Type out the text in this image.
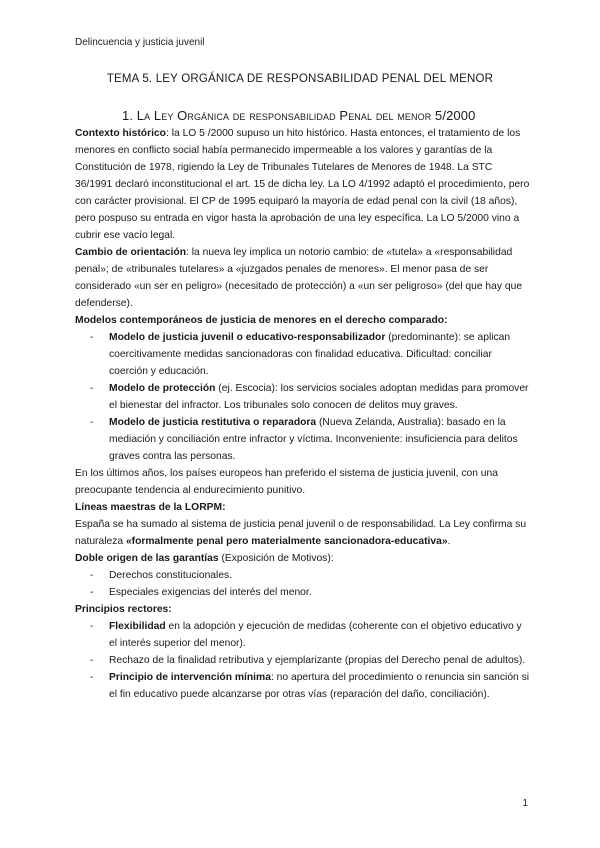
Delincuencia y justicia juvenil
TEMA 5. LEY ORGÁNICA DE RESPONSABILIDAD PENAL DEL MENOR
1. La Ley Orgánica de responsabilidad Penal del menor 5/2000

Contexto histórico: la LO 5 /2000 supuso un hito histórico. Hasta entonces, el tratamiento de los menores en conflicto social había permanecido impermeable a los valores y garantías de la Constitución de 1978, rigiendo la Ley de Tribunales Tutelares de Menores de 1948. La STC 36/1991 declaró inconstitucional el art. 15 de dicha ley. La LO 4/1992 adaptó el procedimiento, pero con carácter provisional. El CP de 1995 equiparó la mayoría de edad penal con la civil (18 años), pero pospuso su entrada en vigor hasta la aprobación de una ley específica. La LO 5/2000 vino a cubrir ese vacío legal.

Cambio de orientación: la nueva ley implica un notorio cambio: de «tutela» a «responsabilidad penal»; de «tribunales tutelares» a «juzgados penales de menores». El menor pasa de ser considerado «un ser en peligro» (necesitado de protección) a «un ser peligroso» (del que hay que defenderse).

Modelos contemporáneos de justicia de menores en el derecho comparado:

- Modelo de justicia juvenil o educativo-responsabilizador (predominante): se aplican coercitivamente medidas sancionadoras con finalidad educativa. Dificultad: conciliar coerción y educación.
- Modelo de protección (ej. Escocia): los servicios sociales adoptan medidas para promover el bienestar del infractor. Los tribunales solo conocen de delitos muy graves.
- Modelo de justicia restitutiva o reparadora (Nueva Zelanda, Australia): basado en la mediación y conciliación entre infractor y víctima. Inconveniente: insuficiencia para delitos graves contra las personas.

En los últimos años, los países europeos han preferido el sistema de justicia juvenil, con una preocupante tendencia al endurecimiento punitivo.

Líneas maestras de la LORPM:

España se ha sumado al sistema de justicia penal juvenil o de responsabilidad. La Ley confirma su naturaleza «formalmente penal pero materialmente sancionadora-educativa».

Doble origen de las garantías (Exposición de Motivos):

- Derechos constitucionales.
- Especiales exigencias del interés del menor.

Principios rectores:

- Flexibilidad en la adopción y ejecución de medidas (coherente con el objetivo educativo y el interés superior del menor).
- Rechazo de la finalidad retributiva y ejemplarizante (propias del Derecho penal de adultos).
- Principio de intervención mínima: no apertura del procedimiento o renuncia sin sanción si el fin educativo puede alcanzarse por otras vías (reparación del daño, conciliación).
1
